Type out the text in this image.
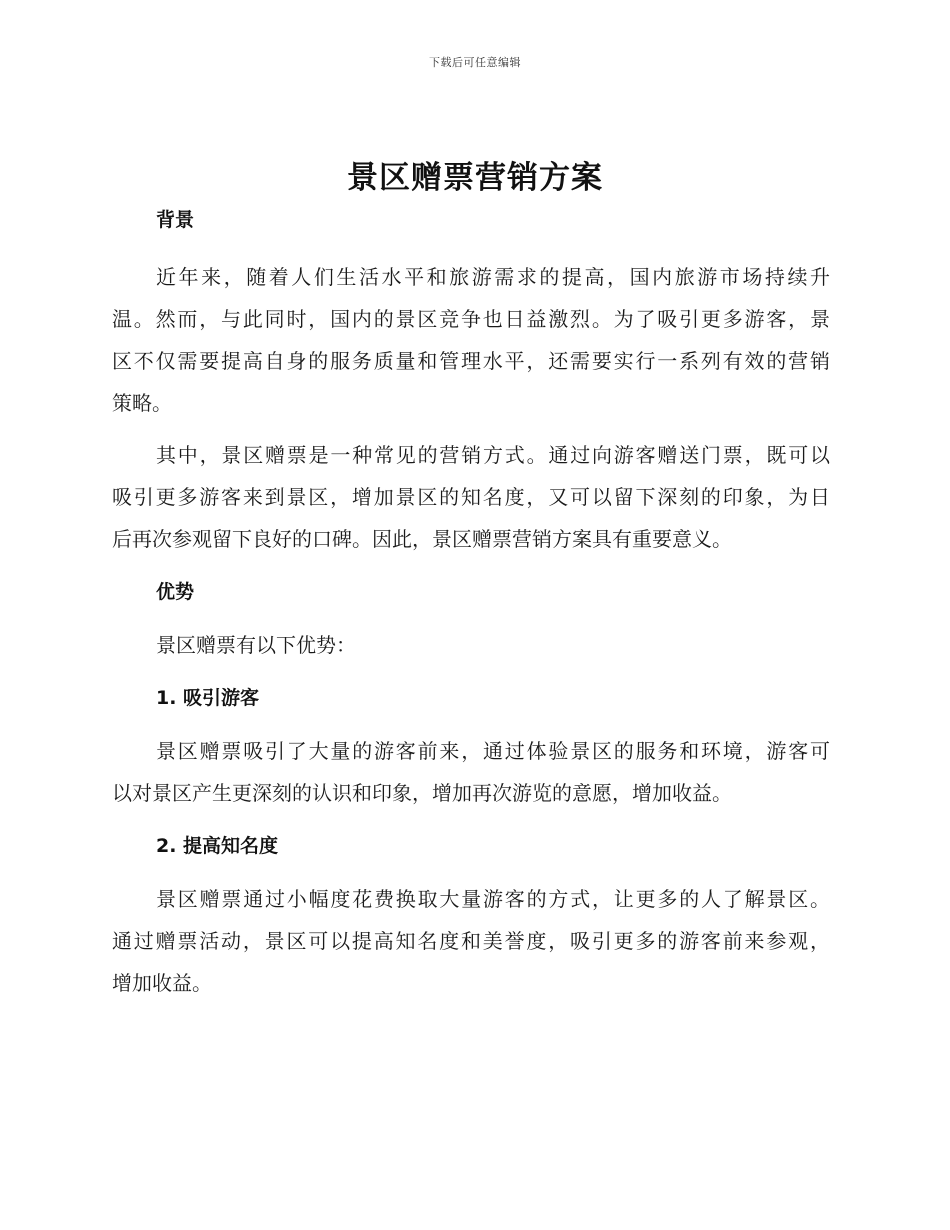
下载后可任意编辑
景区赠票营销方案
背景
近年来，随着人们生活水平和旅游需求的提高，国内旅游市场持续升
温。然而，与此同时，国内的景区竞争也日益激烈。为了吸引更多游客，景
区不仅需要提高自身的服务质量和管理水平，还需要实行一系列有效的营销
策略。
其中，景区赠票是一种常见的营销方式。通过向游客赠送门票，既可以
吸引更多游客来到景区，增加景区的知名度，又可以留下深刻的印象，为日
后再次参观留下良好的口碑。因此，景区赠票营销方案具有重要意义。
优势
景区赠票有以下优势：
1. 吸引游客
景区赠票吸引了大量的游客前来，通过体验景区的服务和环境，游客可
以对景区产生更深刻的认识和印象，增加再次游览的意愿，增加收益。
2. 提高知名度
景区赠票通过小幅度花费换取大量游客的方式，让更多的人了解景区。
通过赠票活动，景区可以提高知名度和美誉度，吸引更多的游客前来参观，
增加收益。
